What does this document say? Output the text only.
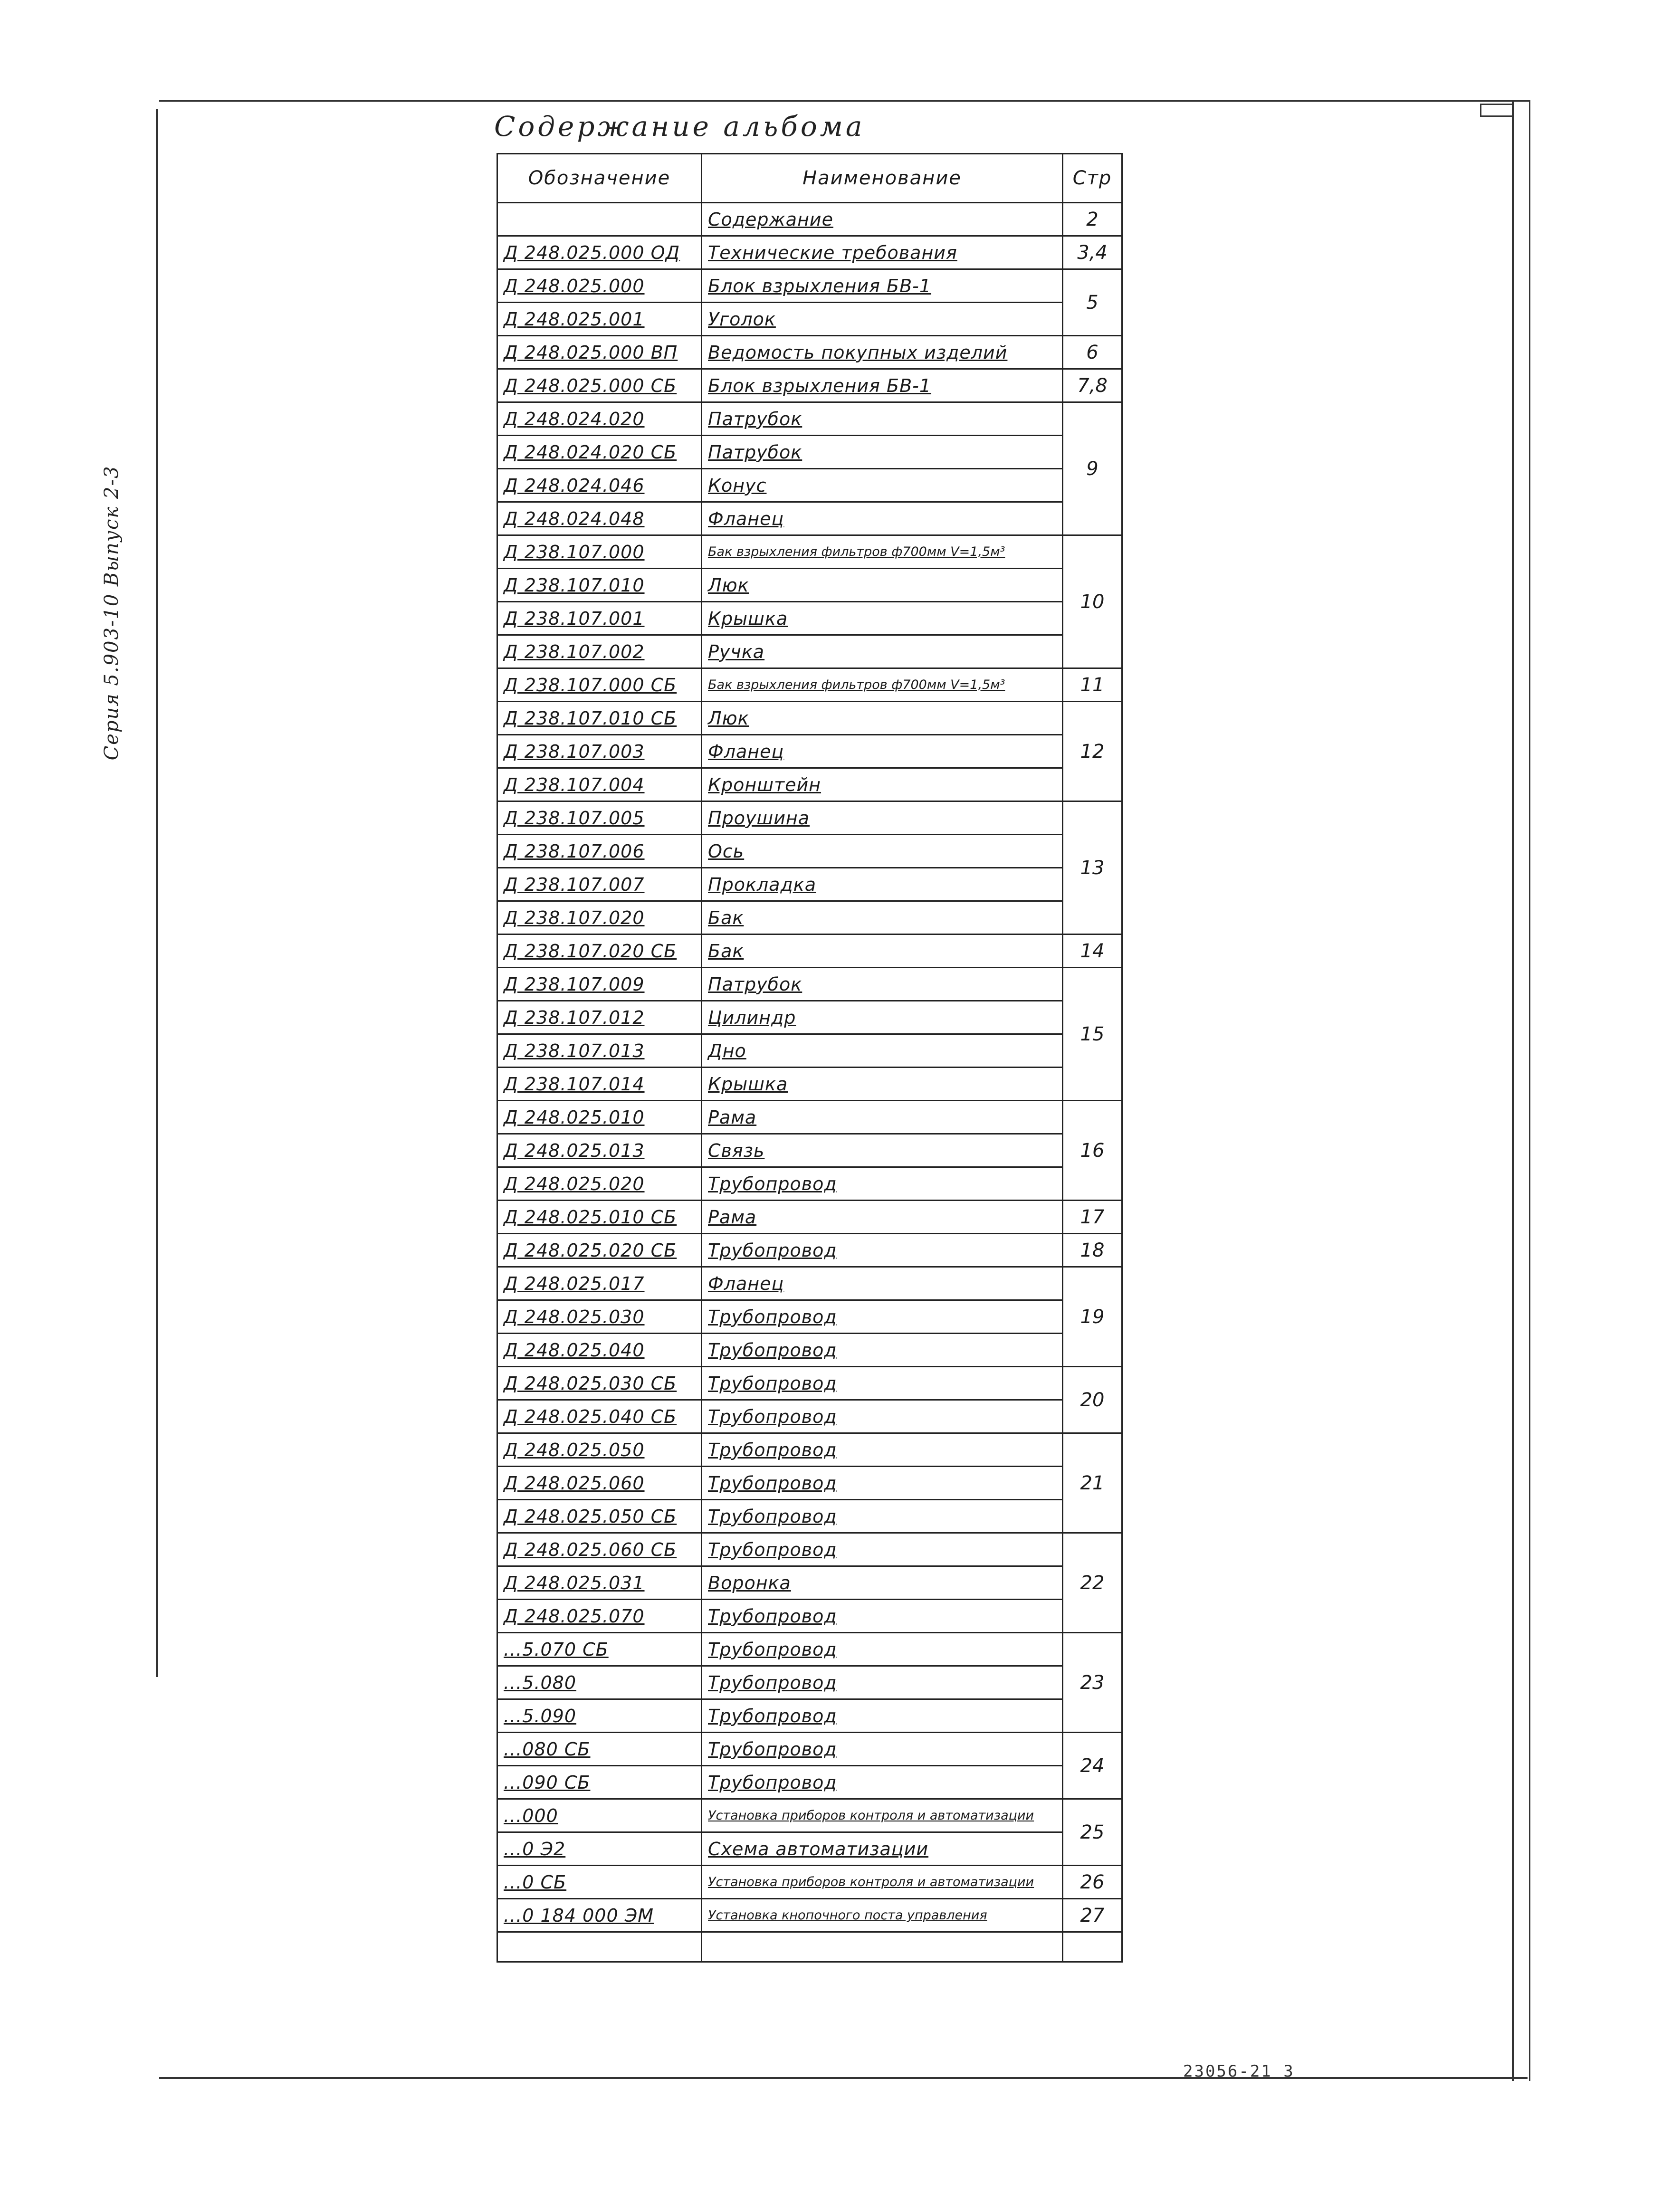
Серия 5.903-10 Выпуск 2-3
Содержание альбома
Обозначение	Наименование	Стр
	Содержание	2
Д 248.025.000 ОД	Технические требования	3,4
Д 248.025.000	Блок взрыхления БВ-1	5
Д 248.025.001	Уголок	
Д 248.025.000 ВП	Ведомость покупных изделий	6
Д 248.025.000 СБ	Блок взрыхления БВ-1	7,8
Д 248.024.020	Патрубок	9
Д 248.024.020 СБ	Патрубок	
Д 248.024.046	Конус	
Д 248.024.048	Фланец	
Д 238.107.000	Бак взрыхления фильтров ф700мм V=1,5м³	10
Д 238.107.010	Люк	
Д 238.107.001	Крышка	
Д 238.107.002	Ручка	
Д 238.107.000 СБ	Бак взрыхления фильтров ф700мм V=1,5м³	11
Д 238.107.010 СБ	Люк	12
Д 238.107.003	Фланец	
Д 238.107.004	Кронштейн	
Д 238.107.005	Проушина	13
Д 238.107.006	Ось	
Д 238.107.007	Прокладка	
Д 238.107.020	Бак	
Д 238.107.020 СБ	Бак	14
Д 238.107.009	Патрубок	15
Д 238.107.012	Цилиндр	
Д 238.107.013	Дно	
Д 238.107.014	Крышка	
Д 248.025.010	Рама	16
Д 248.025.013	Связь	
Д 248.025.020	Трубопровод	
Д 248.025.010 СБ	Рама	17
Д 248.025.020 СБ	Трубопровод	18
Д 248.025.017	Фланец	19
Д 248.025.030	Трубопровод	
Д 248.025.040	Трубопровод	
Д 248.025.030 СБ	Трубопровод	20
Д 248.025.040 СБ	Трубопровод	
Д 248.025.050	Трубопровод	21
Д 248.025.060	Трубопровод	
Д 248.025.050 СБ	Трубопровод	
Д 248.025.060 СБ	Трубопровод	22
Д 248.025.031	Воронка	
Д 248.025.070	Трубопровод	
...5.070 СБ	Трубопровод	23
...5.080	Трубопровод	
...5.090	Трубопровод	
...080 СБ	Трубопровод	24
...090 СБ	Трубопровод	
...000	Установка приборов контроля и автоматизации	25
...0 Э2	Схема автоматизации	
...0 СБ	Установка приборов контроля и автоматизации	26
...0 184 000 ЭМ	Установка кнопочного поста управления	27

23056-21 3
